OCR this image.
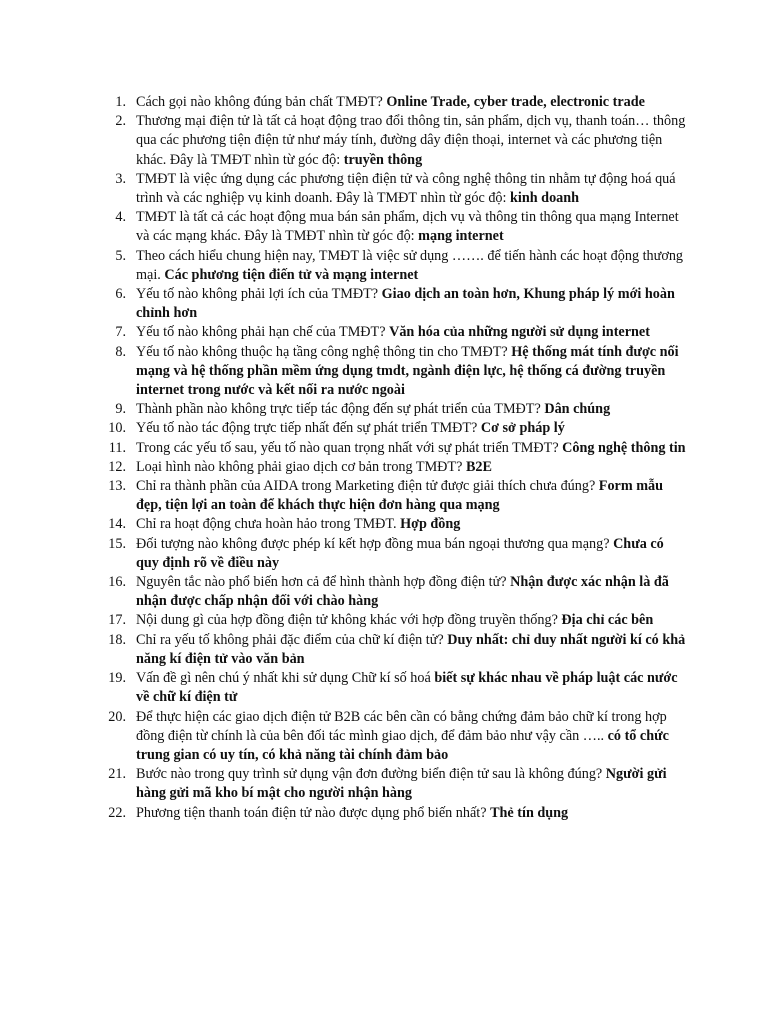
1. Cách gọi nào không đúng bản chất TMĐT? Online Trade, cyber trade, electronic trade
2. Thương mại điện tử là tất cả hoạt động trao đổi thông tin, sản phẩm, dịch vụ, thanh toán… thông qua các phương tiện điện tử như máy tính, đường dây điện thoại, internet và các phương tiện khác. Đây là TMĐT nhìn từ góc độ: truyền thông
3. TMĐT là việc ứng dụng các phương tiện điện tử và công nghệ thông tin nhằm tự động hoá quá trình và các nghiệp vụ kinh doanh. Đây là TMĐT nhìn từ góc độ: kinh doanh
4. TMĐT là tất cả các hoạt động mua bán sản phẩm, dịch vụ và thông tin thông qua mạng Internet và các mạng khác. Đây là TMĐT nhìn từ góc độ: mạng internet
5. Theo cách hiểu chung hiện nay, TMĐT là việc sử dụng ……. để tiến hành các hoạt động thương mại. Các phương tiện điến tử và mạng internet
6. Yếu tố nào không phải lợi ích của TMĐT? Giao dịch an toàn hơn, Khung pháp lý mới hoàn chỉnh hơn
7. Yếu tố nào không phải hạn chế của TMĐT? Văn hóa của những người sử dụng internet
8. Yếu tố nào không thuộc hạ tầng công nghệ thông tin cho TMĐT? Hệ thống mát tính được nối mạng và hệ thống phần mềm ứng dụng tmdt, ngành điện lực, hệ thống cá đường truyền internet trong nước và kết nối ra nước ngoài
9. Thành phần nào không trực tiếp tác động đến sự phát triển của TMĐT? Dân chúng
10. Yếu tố nào tác động trực tiếp nhất đến sự phát triển TMĐT? Cơ sở pháp lý
11. Trong các yếu tố sau, yếu tố nào quan trọng nhất với sự phát triển TMĐT? Công nghệ thông tin
12. Loại hình nào không phải giao dịch cơ bản trong TMĐT? B2E
13. Chỉ ra thành phần của AIDA trong Marketing điện tử được giải thích chưa đúng? Form mẫu đẹp, tiện lợi an toàn để khách thực hiện đơn hàng qua mạng
14. Chỉ ra hoạt động chưa hoàn hảo trong TMĐT. Hợp đồng
15. Đối tượng nào không được phép kí kết hợp đồng mua bán ngoại thương qua mạng? Chưa có quy định rõ về điều này
16. Nguyên tắc nào phổ biến hơn cả để hình thành hợp đồng điện tử? Nhận được xác nhận là đã nhận được chấp nhận đối với chào hàng
17. Nội dung gì của hợp đồng điện tử không khác với hợp đồng truyền thống? Địa chỉ các bên
18. Chỉ ra yếu tố không phải đặc điểm của chữ kí điện tử? Duy nhất: chỉ duy nhất người kí có khả năng kí điện tử vào văn bản
19. Vấn đề gì nên chú ý nhất khi sử dụng Chữ kí số hoá biết sự khác nhau về pháp luật các nước về chữ kí điện tử
20. Để thực hiện các giao dịch điện tử B2B các bên cần có bằng chứng đảm bảo chữ kí trong hợp đồng điện từ chính là của bên đối tác mình giao dịch, để đảm bảo như vậy cần ….. có tổ chức trung gian có uy tín, có khả năng tài chính đảm bảo
21. Bước nào trong quy trình sử dụng vận đơn đường biển điện tử sau là không đúng? Người gửi hàng gửi mã kho bí mật cho người nhận hàng
22. Phương tiện thanh toán điện tử nào được dụng phổ biến nhất? Thẻ tín dụng
